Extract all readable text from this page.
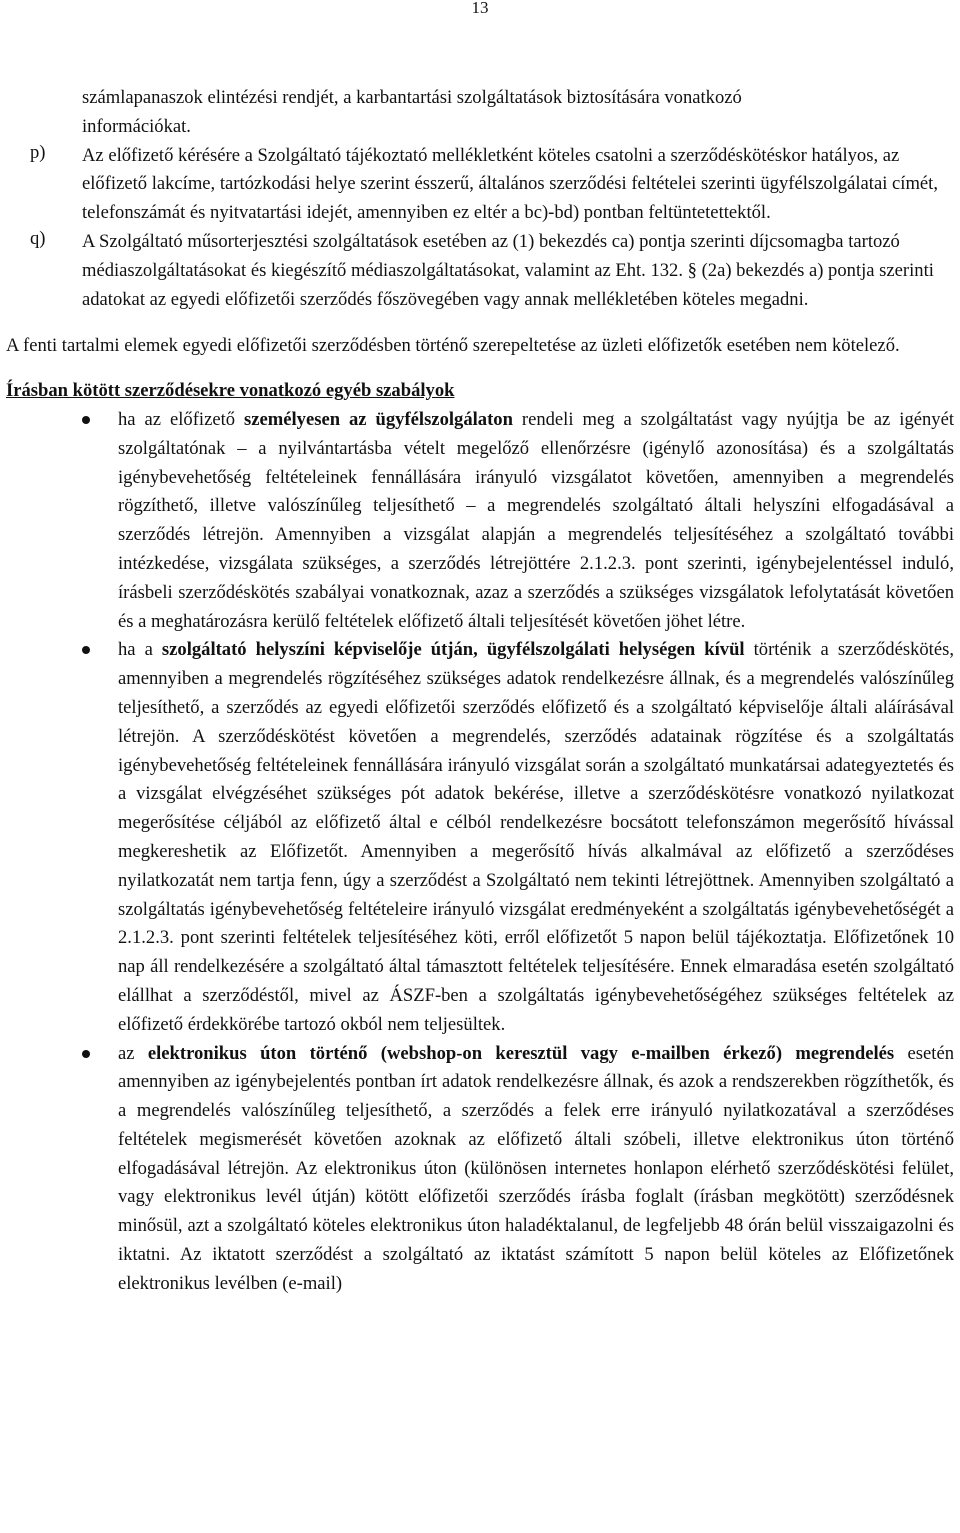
13

számlapanaszok elintézési rendjét, a karbantartási szolgáltatások biztosítására vonatkozó

információkat.

p) Az előfizető kérésére a Szolgáltató tájékoztató mellékletként köteles csatolni a szerződéskötéskor hatályos, az előfizető lakcíme, tartózkodási helye szerint ésszerű, általános szerződési feltételei szerinti ügyfélszolgálatai címét, telefonszámát és nyitvatartási idejét, amennyiben ez eltér a bc)-bd) pontban feltüntetettektől.

q) A Szolgáltató műsorterjesztési szolgáltatások esetében az (1) bekezdés ca) pontja szerinti díjcsomagba tartozó médiaszolgáltatásokat és kiegészítő médiaszolgáltatásokat, valamint az Eht. 132. § (2a) bekezdés a) pontja szerinti adatokat az egyedi előfizetői szerződés főszövegében vagy annak mellékletében köteles megadni.

A fenti tartalmi elemek egyedi előfizetői szerződésben történő szerepeltetése az üzleti előfizetők esetében nem kötelező.

Írásban kötött szerződésekre vonatkozó egyéb szabályok

ha az előfizető személyesen az ügyfélszolgálaton rendeli meg a szolgáltatást vagy nyújtja be az igényét szolgáltatónak ‒ a nyilvántartásba vételt megelőző ellenőrzésre (igénylő azonosítása) és a szolgáltatás igénybevehetőség feltételeinek fennállására irányuló vizsgálatot követően, amennyiben a megrendelés rögzíthető, illetve valószínűleg teljesíthető ‒ a megrendelés szolgáltató általi helyszíni elfogadásával a szerződés létrejön. Amennyiben a vizsgálat alapján a megrendelés teljesítéséhez a szolgáltató további intézkedése, vizsgálata szükséges, a szerződés létrejöttére 2.1.2.3. pont szerinti, igénybejelentéssel induló, írásbeli szerződéskötés szabályai vonatkoznak, azaz a szerződés a szükséges vizsgálatok lefolytatását követően és a meghatározásra kerülő feltételek előfizető általi teljesítését követően jöhet létre.
ha a szolgáltató helyszíni képviselője útján, ügyfélszolgálati helységen kívül történik a szerződéskötés, amennyiben a megrendelés rögzítéséhez szükséges adatok rendelkezésre állnak, és a megrendelés valószínűleg teljesíthető, a szerződés az egyedi előfizetői szerződés előfizető és a szolgáltató képviselője általi aláírásával létrejön. A szerződéskötést követően a megrendelés, szerződés adatainak rögzítése és a szolgáltatás igénybevehetőség feltételeinek fennállására irányuló vizsgálat során a szolgáltató munkatársai adategyeztetés és a vizsgálat elvégzéséhet szükséges pót adatok bekérése, illetve a szerződéskötésre vonatkozó nyilatkozat megerősítése céljából az előfizető által e célból rendelkezésre bocsátott telefonszámon megerősítő hívással megkereshetik az Előfizetőt. Amennyiben a megerősítő hívás alkalmával az előfizető a szerződéses nyilatkozatát nem tartja fenn, úgy a szerződést a Szolgáltató nem tekinti létrejöttnek. Amennyiben szolgáltató a szolgáltatás igénybevehetőség feltételeire irányuló vizsgálat eredményeként a szolgáltatás igénybevehetőségét a 2.1.2.3. pont szerinti feltételek teljesítéséhez köti, erről előfizetőt 5 napon belül tájékoztatja. Előfizetőnek 10 nap áll rendelkezésére a szolgáltató által támasztott feltételek teljesítésére. Ennek elmaradása esetén szolgáltató elállhat a szerződéstől, mivel az ÁSZF-ben a szolgáltatás igénybevehetőségéhez szükséges feltételek az előfizető érdekkörébe tartozó okból nem teljesültek.
az elektronikus úton történő (webshop-on keresztül vagy e-mailben érkező) megrendelés esetén amennyiben az igénybejelentés pontban írt adatok rendelkezésre állnak, és azok a rendszerekben rögzíthetők, és a megrendelés valószínűleg teljesíthető, a szerződés a felek erre irányuló nyilatkozatával a szerződéses feltételek megismerését követően azoknak az előfizető általi szóbeli, illetve elektronikus úton történő elfogadásával létrejön. Az elektronikus úton (különösen internetes honlapon elérhető szerződéskötési felület, vagy elektronikus levél útján) kötött előfizetői szerződés írásba foglalt (írásban megkötött) szerződésnek minősül, azt a szolgáltató köteles elektronikus úton haladéktalanul, de legfeljebb 48 órán belül visszaigazolni és iktatni. Az iktatott szerződést a szolgáltató az iktatást számított 5 napon belül köteles az Előfizetőnek elektronikus levélben (e-mail)
